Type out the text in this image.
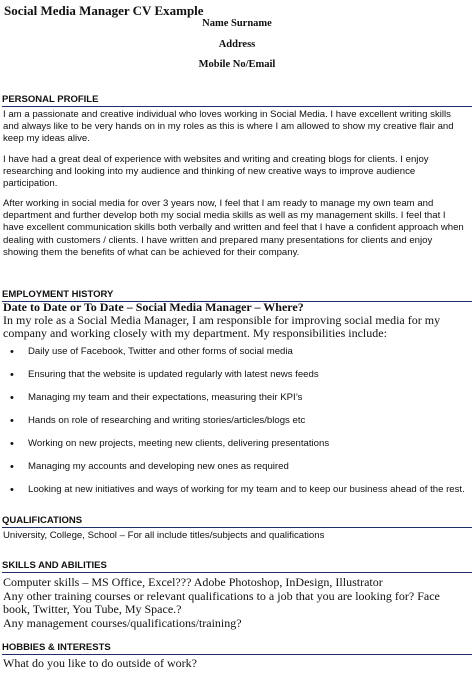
Social Media Manager CV Example
Name Surname
Address
Mobile No/Email
PERSONAL PROFILE
I am a passionate and creative individual who loves working in Social Media. I have excellent writing skills and always like to be very hands on in my roles as this is where I am allowed to show my creative flair and keep my ideas alive.
I have had a great deal of experience with websites and writing and creating blogs for clients. I enjoy researching and looking into my audience and thinking of new creative ways to improve audience participation.
After working in social media for over 3 years now, I feel that I am ready to manage my own team and department and further develop both my social media skills as well as my management skills. I feel that I have excellent communication skills both verbally and written and feel that I have a confident approach when dealing with customers / clients. I have written and prepared many presentations for clients and enjoy showing them the benefits of what can be achieved for their company.
EMPLOYMENT HISTORY
Date to Date or To Date – Social Media Manager – Where?
In my role as a Social Media Manager, I am responsible for improving social media for my company and working closely with my department. My responsibilities include:
• Daily use of Facebook, Twitter and other forms of social media
• Ensuring that the website is updated regularly with latest news feeds
• Managing my team and their expectations, measuring their KPI’s
• Hands on role of researching and writing stories/articles/blogs etc
• Working on new projects, meeting new clients, delivering presentations
• Managing my accounts and developing new ones as required
• Looking at new initiatives and ways of working for my team and to keep our business ahead of the rest.
QUALIFICATIONS
University, College, School – For all include titles/subjects and qualifications
SKILLS AND ABILITIES
Computer skills – MS Office, Excel??? Adobe Photoshop, InDesign, Illustrator
Any other training courses or relevant qualifications to a job that you are looking for? Face book, Twitter, You Tube, My Space.?
Any management courses/qualifications/training?
HOBBIES & INTERESTS
What do you like to do outside of work?
